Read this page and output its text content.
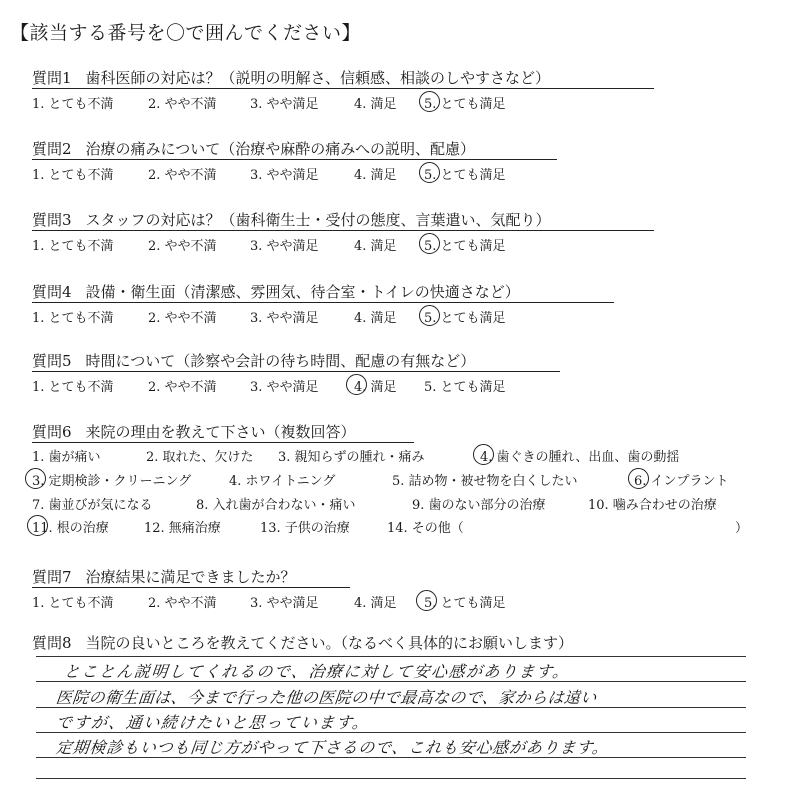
【該当する番号を〇で囲んでください】
質問1 歯科医師の対応は？（説明の明解さ、信頼感、相談のしやすさなど）
1. とても不満	2. やや不満	3. やや満足	4. 満足 5. とても満足
質問2 治療の痛みについて（治療や麻酔の痛みへの説明、配慮）
1. とても不満	2. やや不満	3. やや満足	4. 満足 5. とても満足
質問3 スタッフの対応は？（歯科衛生士・受付の態度、言葉遣い、気配り）
1. とても不満	2. やや不満	3. やや満足	4. 満足 5. とても満足
質問4 設備・衛生面（清潔感、雰囲気、待合室・トイレの快適さなど）
1. とても不満	2. やや不満	3. やや満足	4. 満足 5. とても満足
質問5 時間について（診察や会計の待ち時間、配慮の有無など）
1. とても不満	2. やや不満	3. やや満足	4. 満足 5. とても満足
質問6 来院の理由を教えて下さい（複数回答）
1. 歯が痛い	2. 取れた、欠けた 3. 親知らずの腫れ・痛み	4. 歯ぐきの腫れ、出血、歯の動揺
3. 定期検診・クリーニング	4. ホワイトニング	5. 詰め物・被せ物を白くしたい	6. インプラント
7. 歯並びが気になる	8. 入れ歯が合わない・痛い	9. 歯のない部分の治療	10. 噛み合わせの治療
11. 根の治療	12. 無痛治療	13. 子供の治療	14. その他（	）
質問7 治療結果に満足できましたか？
1. とても不満	2. やや不満	3. やや満足	4. 満足 5. とても満足
質問8 当院の良いところを教えてください。（なるべく具体的にお願いします）
とことん説明してくれるので、治療に対して安心感があります。
医院の衛生面は、今まで行った他の医院の中で最高なので、家からは遠い
ですが、通い続けたいと思っています。
定期検診もいつも同じ方がやって下さるので、これも安心感があります。
